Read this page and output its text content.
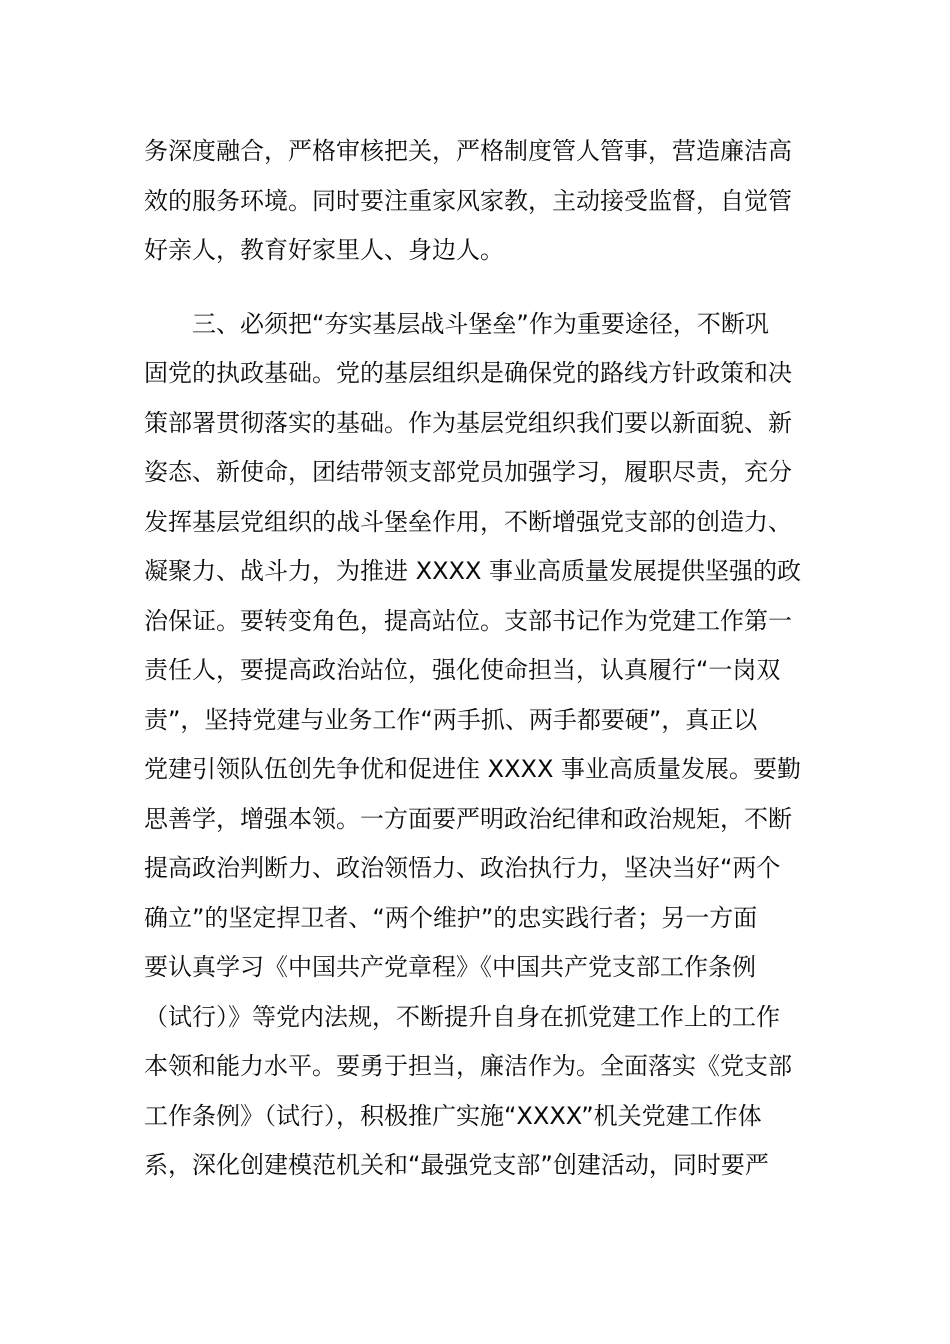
务深度融合，严格审核把关，严格制度管人管事，营造廉洁高
效的服务环境。同时要注重家风家教，主动接受监督，自觉管
好亲人，教育好家里人、身边人。
三、必须把“夯实基层战斗堡垒”作为重要途径，不断巩
固党的执政基础。党的基层组织是确保党的路线方针政策和决
策部署贯彻落实的基础。作为基层党组织我们要以新面貌、新
姿态、新使命，团结带领支部党员加强学习，履职尽责，充分
发挥基层党组织的战斗堡垒作用，不断增强党支部的创造力、
凝聚力、战斗力，为推进 XXXX 事业高质量发展提供坚强的政
治保证。要转变角色，提高站位。支部书记作为党建工作第一
责任人，要提高政治站位，强化使命担当，认真履行“一岗双
责”，坚持党建与业务工作“两手抓、两手都要硬”，真正以
党建引领队伍创先争优和促进住 XXXX 事业高质量发展。要勤
思善学，增强本领。一方面要严明政治纪律和政治规矩，不断
提高政治判断力、政治领悟力、政治执行力，坚决当好“两个
确立”的坚定捍卫者、“两个维护”的忠实践行者；另一方面
要认真学习《中国共产党章程》《中国共产党支部工作条例
（试行）》等党内法规，不断提升自身在抓党建工作上的工作
本领和能力水平。要勇于担当，廉洁作为。全面落实《党支部
工作条例》（试行），积极推广实施“XXXX”机关党建工作体
系，深化创建模范机关和“最强党支部”创建活动，同时要严
